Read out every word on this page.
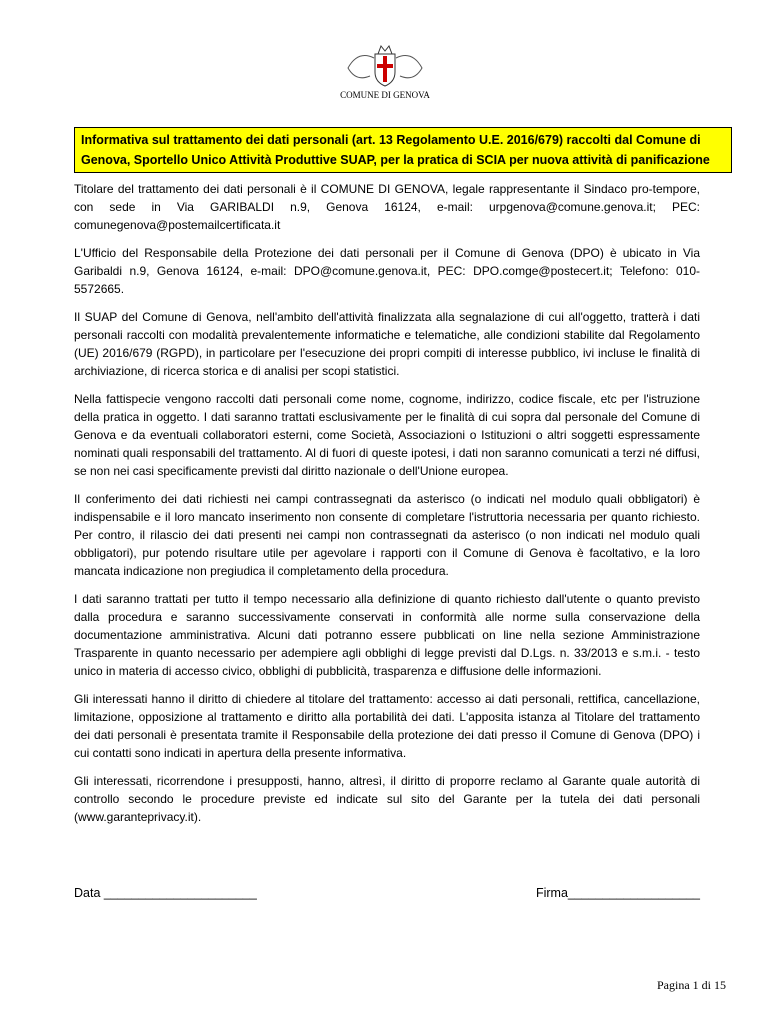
COMUNE DI GENOVA
Informativa sul trattamento dei dati personali (art. 13 Regolamento U.E. 2016/679) raccolti dal Comune di Genova, Sportello Unico Attività Produttive SUAP, per la pratica di SCIA per nuova attività di panificazione

Titolare del trattamento dei dati personali è il COMUNE DI GENOVA, legale rappresentante il Sindaco pro-tempore, con sede in Via GARIBALDI n.9, Genova 16124, e-mail: urpgenova@comune.genova.it; PEC: comunegenova@postemailcertificata.it

L'Ufficio del Responsabile della Protezione dei dati personali per il Comune di Genova (DPO) è ubicato in Via Garibaldi n.9, Genova 16124, e-mail: DPO@comune.genova.it, PEC: DPO.comge@postecert.it; Telefono: 010-5572665.

Il SUAP del Comune di Genova, nell'ambito dell'attività finalizzata alla segnalazione di cui all'oggetto, tratterà i dati personali raccolti con modalità prevalentemente informatiche e telematiche, alle condizioni stabilite dal Regolamento (UE) 2016/679 (RGPD), in particolare per l'esecuzione dei propri compiti di interesse pubblico, ivi incluse le finalità di archiviazione, di ricerca storica e di analisi per scopi statistici.

Nella fattispecie vengono raccolti dati personali come nome, cognome, indirizzo, codice fiscale, etc per l'istruzione della pratica in oggetto. I dati saranno trattati esclusivamente per le finalità di cui sopra dal personale del Comune di Genova e da eventuali collaboratori esterni, come Società, Associazioni o Istituzioni o altri soggetti espressamente nominati quali responsabili del trattamento. Al di fuori di queste ipotesi, i dati non saranno comunicati a terzi né diffusi, se non nei casi specificamente previsti dal diritto nazionale o dell'Unione europea.

Il conferimento dei dati richiesti nei campi contrassegnati da asterisco (o indicati nel modulo quali obbligatori) è indispensabile e il loro mancato inserimento non consente di completare l'istruttoria necessaria per quanto richiesto. Per contro, il rilascio dei dati presenti nei campi non contrassegnati da asterisco (o non indicati nel modulo quali obbligatori), pur potendo risultare utile per agevolare i rapporti con il Comune di Genova è facoltativo, e la loro mancata indicazione non pregiudica il completamento della procedura.

I dati saranno trattati per tutto il tempo necessario alla definizione di quanto richiesto dall'utente o quanto previsto dalla procedura e saranno successivamente conservati in conformità alle norme sulla conservazione della documentazione amministrativa. Alcuni dati potranno essere pubblicati on line nella sezione Amministrazione Trasparente in quanto necessario per adempiere agli obblighi di legge previsti dal D.Lgs. n. 33/2013 e s.m.i. - testo unico in materia di accesso civico, obblighi di pubblicità, trasparenza e diffusione delle informazioni.

Gli interessati hanno il diritto di chiedere al titolare del trattamento: accesso ai dati personali, rettifica, cancellazione, limitazione, opposizione al trattamento e diritto alla portabilità dei dati. L'apposita istanza al Titolare del trattamento dei dati personali è presentata tramite il Responsabile della protezione dei dati presso il Comune di Genova (DPO) i cui contatti sono indicati in apertura della presente informativa.

Gli interessati, ricorrendone i presupposti, hanno, altresì, il diritto di proporre reclamo al Garante quale autorità di controllo secondo le procedure previste ed indicate sul sito del Garante per la tutela dei dati personali (www.garanteprivacy.it).

Data ______________________	Firma___________________
Pagina 1 di 15
